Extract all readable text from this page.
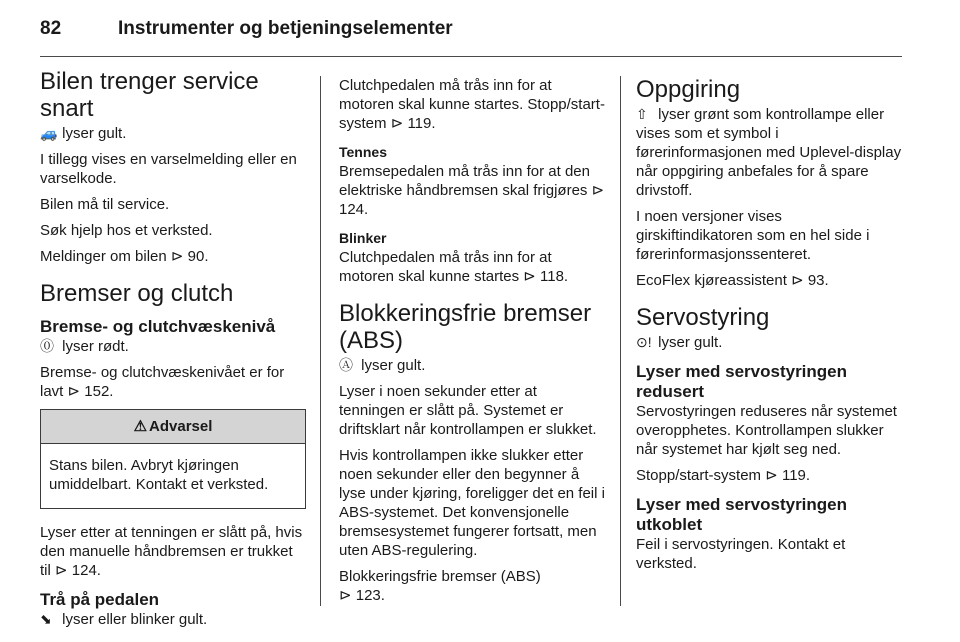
82	Instrumenter og betjeningselementer
Bilen trenger service snart

🚙 lyser gult.

I tillegg vises en varselmelding eller en varselkode.

Bilen må til service.

Søk hjelp hos et verksted.

Meldinger om bilen ⊳ 90.

Bremser og clutch
Bremse- og clutchvæskenivå

⓪ lyser rødt.

Bremse- og clutchvæskenivået er for lavt ⊳ 152.

⚠ Advarsel
Stans bilen. Avbryt kjøringen umiddelbart. Kontakt et verksted.

Lyser etter at tenningen er slått på, hvis den manuelle håndbremsen er trukket til ⊳ 124.

Trå på pedalen

⬊ lyser eller blinker gult.

Clutchpedalen må trås inn for at motoren skal kunne startes. Stopp/start-system ⊳ 119.

Tennes

Bremsepedalen må trås inn for at den elektriske håndbremsen skal frigjøres ⊳ 124.

Blinker

Clutchpedalen må trås inn for at motoren skal kunne startes ⊳ 118.

Blokkeringsfrie bremser (ABS)

Ⓐ lyser gult.

Lyser i noen sekunder etter at tenningen er slått på. Systemet er driftsklart når kontrollampen er slukket.

Hvis kontrollampen ikke slukker etter noen sekunder eller den begynner å lyse under kjøring, foreligger det en feil i ABS-systemet. Det konvensjonelle bremsesystemet fungerer fortsatt, men uten ABS-regulering.

Blokkeringsfrie bremser (ABS)
⊳ 123.

Oppgiring

⇧ lyser grønt som kontrollampe eller vises som et symbol i førerinformasjonen med Uplevel-display når oppgiring anbefales for å spare drivstoff.

I noen versjoner vises girskiftindikatoren som en hel side i førerinformasjonssenteret.

EcoFlex kjøreassistent ⊳ 93.

Servostyring

⊙! lyser gult.

Lyser med servostyringen redusert

Servostyringen reduseres når systemet overopphetes. Kontrollampen slukker når systemet har kjølt seg ned.

Stopp/start-system ⊳ 119.

Lyser med servostyringen utkoblet

Feil i servostyringen. Kontakt et verksted.
